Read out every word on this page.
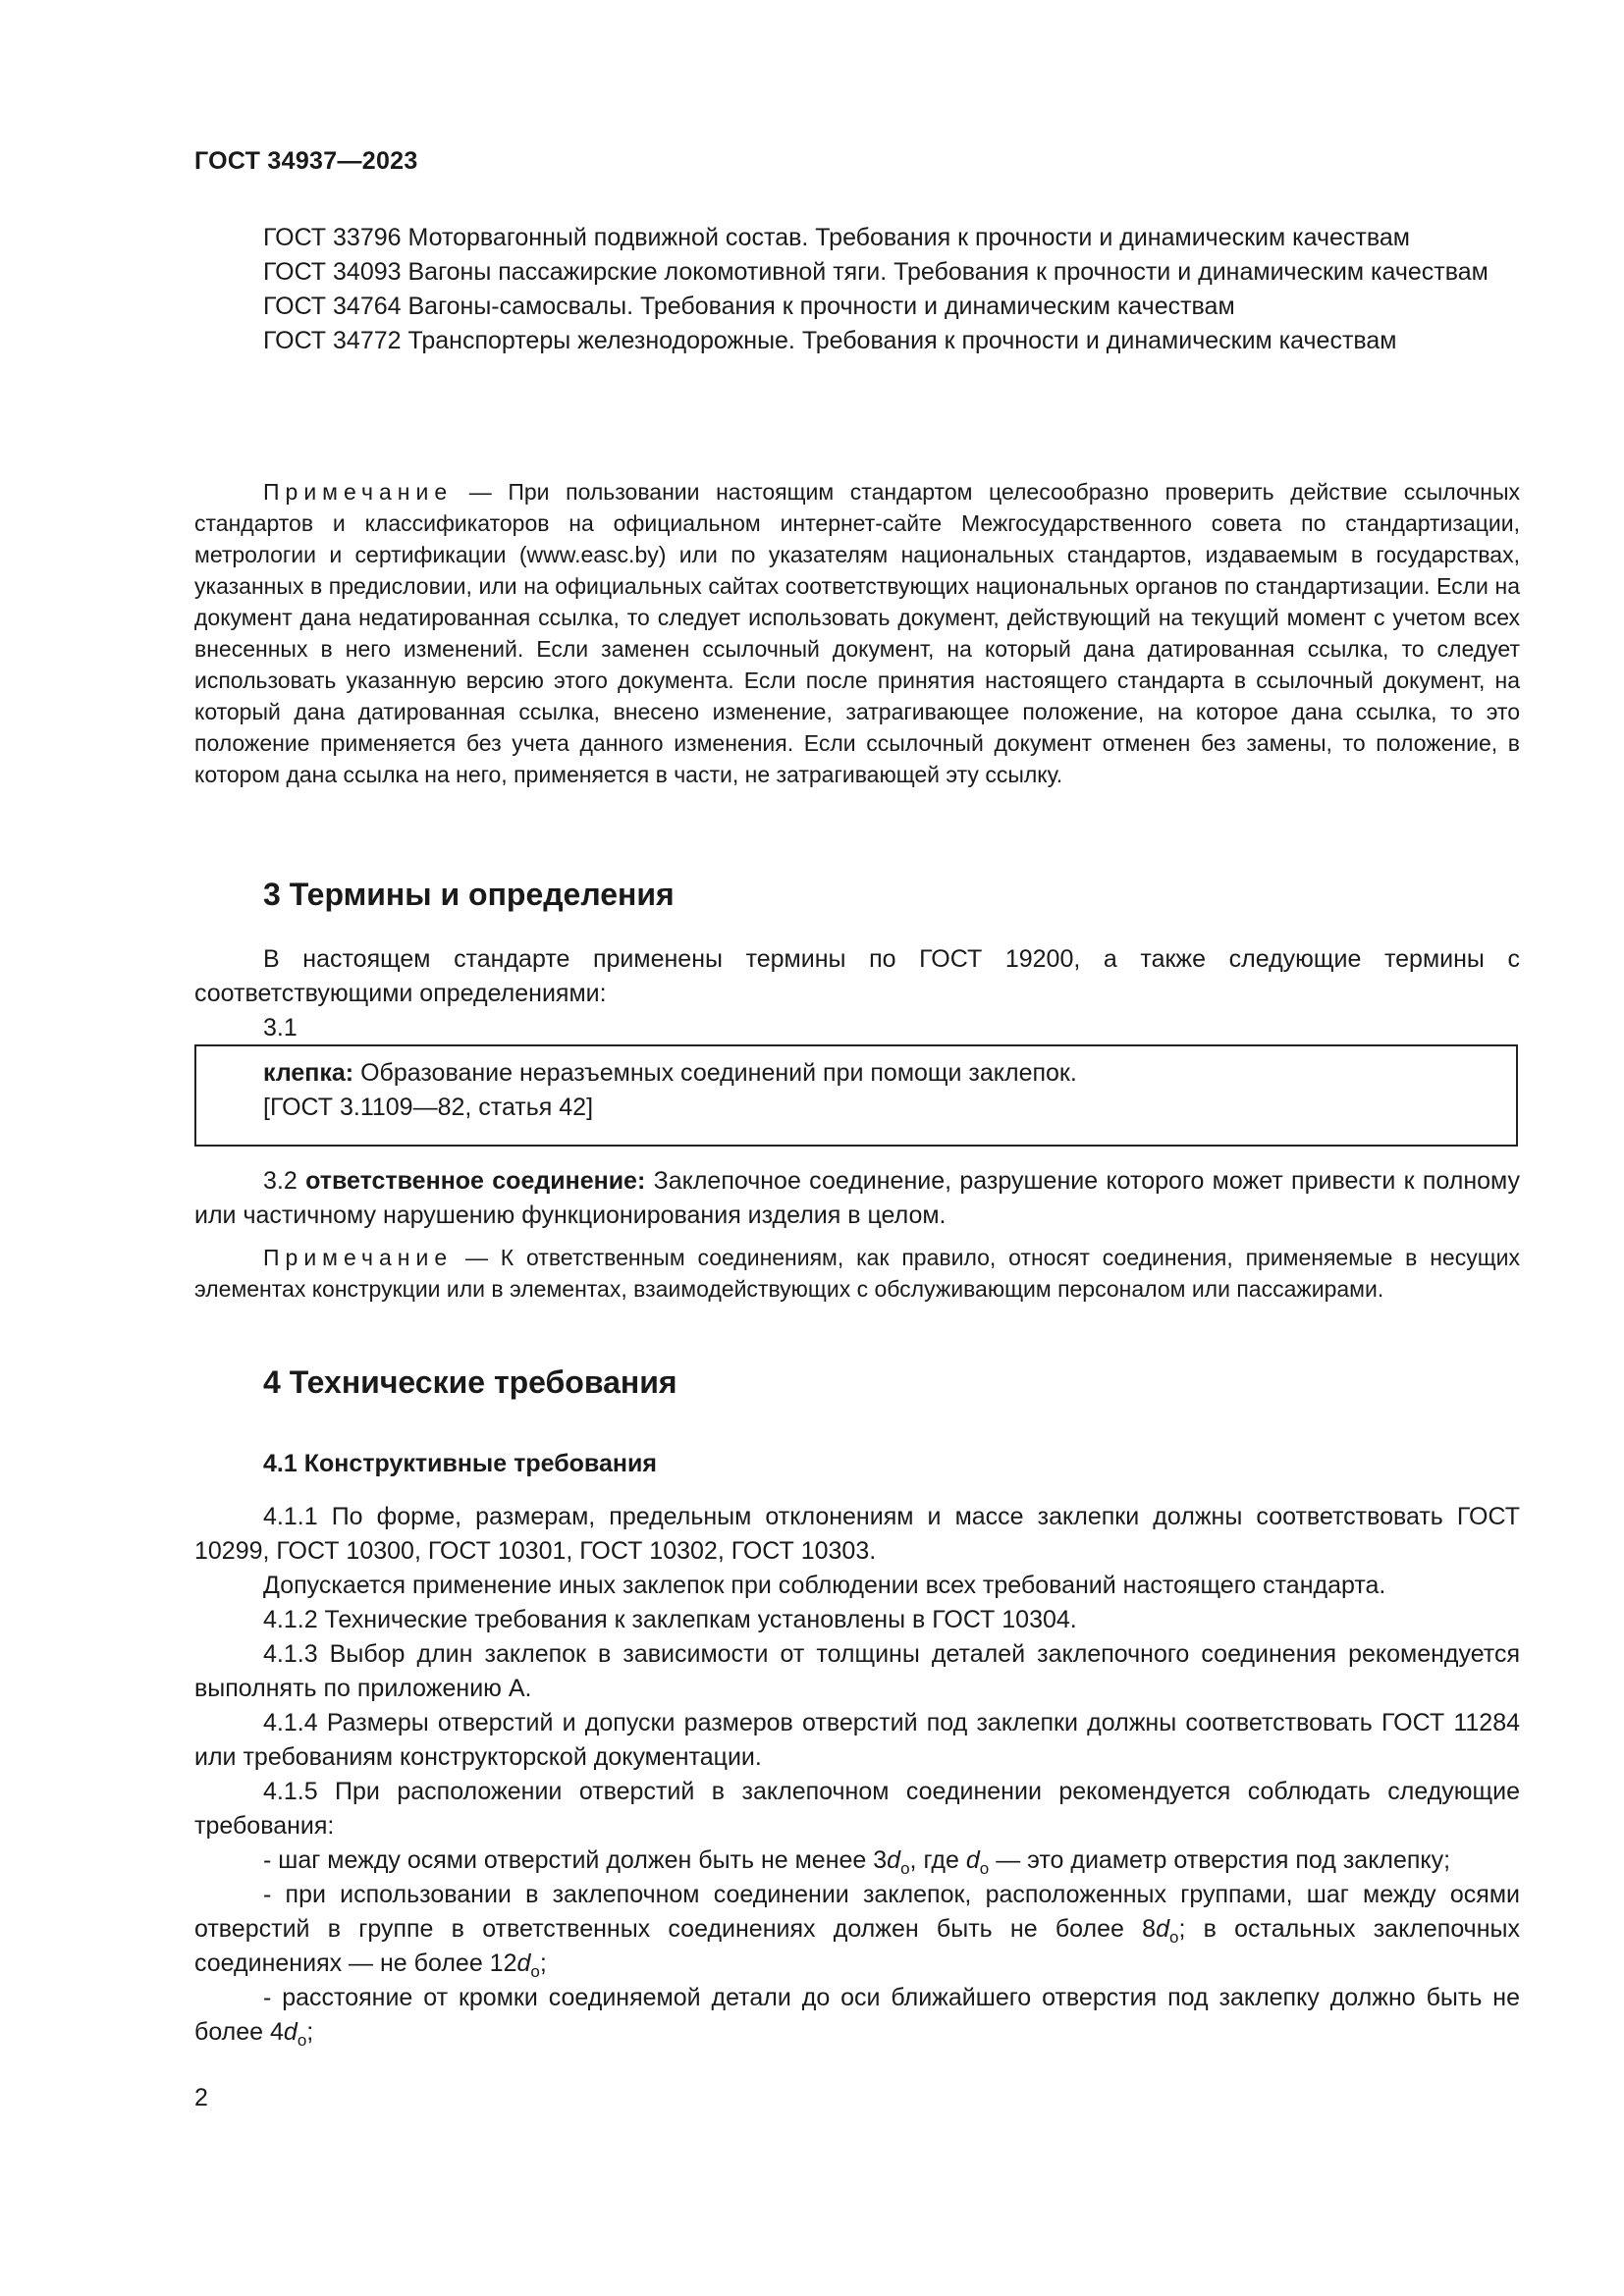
ГОСТ 34937—2023

ГОСТ 33796 Моторвагонный подвижной состав. Требования к прочности и динамическим качествам

ГОСТ 34093 Вагоны пассажирские локомотивной тяги. Требования к прочности и динамическим качествам

ГОСТ 34764 Вагоны-самосвалы. Требования к прочности и динамическим качествам

ГОСТ 34772 Транспортеры железнодорожные. Требования к прочности и динамическим качествам

Примечание — При пользовании настоящим стандартом целесообразно проверить действие ссылочных стандартов и классификаторов на официальном интернет-сайте Межгосударственного совета по стандартизации, метрологии и сертификации (www.easc.by) или по указателям национальных стандартов, издаваемым в государствах, указанных в предисловии, или на официальных сайтах соответствующих национальных органов по стандартизации. Если на документ дана недатированная ссылка, то следует использовать документ, действующий на текущий момент с учетом всех внесенных в него изменений. Если заменен ссылочный документ, на который дана датированная ссылка, то следует использовать указанную версию этого документа. Если после принятия настоящего стандарта в ссылочный документ, на который дана датированная ссылка, внесено изменение, затрагивающее положение, на которое дана ссылка, то это положение применяется без учета данного изменения. Если ссылочный документ отменен без замены, то положение, в котором дана ссылка на него, применяется в части, не затрагивающей эту ссылку.
3 Термины и определения

В настоящем стандарте применены термины по ГОСТ 19200, а также следующие термины с соответствующими определениями:

3.1

клепка: Образование неразъемных соединений при помощи заклепок.

[ГОСТ 3.1109—82, статья 42]

3.2 ответственное соединение: Заклепочное соединение, разрушение которого может привести к полному или частичному нарушению функционирования изделия в целом.

Примечание — К ответственным соединениям, как правило, относят соединения, применяемые в несущих элементах конструкции или в элементах, взаимодействующих с обслуживающим персоналом или пассажирами.
4 Технические требования
4.1 Конструктивные требования

4.1.1 По форме, размерам, предельным отклонениям и массе заклепки должны соответствовать ГОСТ 10299, ГОСТ 10300, ГОСТ 10301, ГОСТ 10302, ГОСТ 10303.

Допускается применение иных заклепок при соблюдении всех требований настоящего стандарта.

4.1.2 Технические требования к заклепкам установлены в ГОСТ 10304.

4.1.3 Выбор длин заклепок в зависимости от толщины деталей заклепочного соединения рекомендуется выполнять по приложению А.

4.1.4 Размеры отверстий и допуски размеров отверстий под заклепки должны соответствовать ГОСТ 11284 или требованиям конструкторской документации.

4.1.5 При расположении отверстий в заклепочном соединении рекомендуется соблюдать следующие требования:

- шаг между осями отверстий должен быть не менее $3d_о$, где $d_о$ — это диаметр отверстия под заклепку;

- при использовании в заклепочном соединении заклепок, расположенных группами, шаг между осями отверстий в группе в ответственных соединениях должен быть не более $8d_о$; в остальных заклепочных соединениях — не более $12d_о$;

- расстояние от кромки соединяемой детали до оси ближайшего отверстия под заклепку должно быть не более $4d_о$;

2
